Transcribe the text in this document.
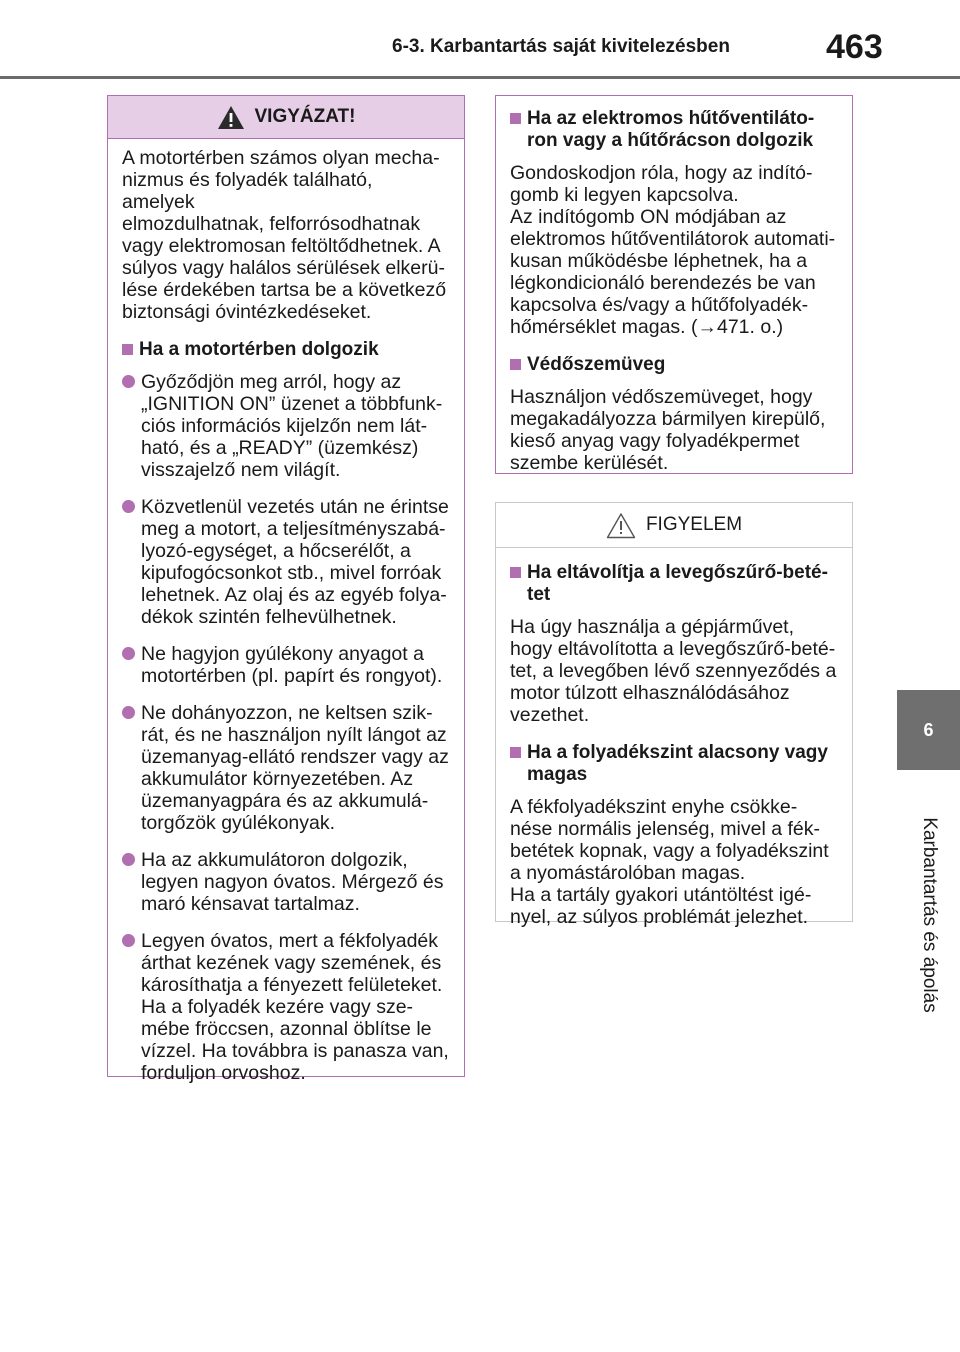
6-3. Karbantartás saját kivitelezésben	463
6
Karbantartás és ápolás
VIGYÁZAT!

A motortérben számos olyan mecha-
nizmus és folyadék található, amelyek
elmozdulhatnak, felforrósodhatnak
vagy elektromosan feltöltődhetnek. A
súlyos vagy halálos sérülések elkerü-
lése érdekében tartsa be a következő
biztonsági óvintézkedéseket.

Ha a motortérben dolgozik
Győződjön meg arról, hogy az
„IGNITION ON” üzenet a többfunk-
ciós információs kijelzőn nem lát-
ható, és a „READY” (üzemkész)
visszajelző nem világít.
Közvetlenül vezetés után ne érintse
meg a motort, a teljesítményszabá-
lyozó-egységet, a hőcserélőt, a
kipufogócsonkot stb., mivel forróak
lehetnek. Az olaj és az egyéb folya-
dékok szintén felhevülhetnek.
Ne hagyjon gyúlékony anyagot a
motortérben (pl. papírt és rongyot).
Ne dohányozzon, ne keltsen szik-
rát, és ne használjon nyílt lángot az
üzemanyag-ellátó rendszer vagy az
akkumulátor környezetében. Az
üzemanyagpára és az akkumulá-
torgőzök gyúlékonyak.
Ha az akkumulátoron dolgozik,
legyen nagyon óvatos. Mérgező és
maró kénsavat tartalmaz.
Legyen óvatos, mert a fékfolyadék
árthat kezének vagy szemének, és
károsíthatja a fényezett felületeket.
Ha a folyadék kezére vagy sze-
mébe fröccsen, azonnal öblítse le
vízzel. Ha továbbra is panasza van,
forduljon orvoshoz.
Ha az elektromos hűtőventiláto-
ron vagy a hűtőrácson dolgozik

Gondoskodjon róla, hogy az indító-
gomb ki legyen kapcsolva.
Az indítógomb ON módjában az
elektromos hűtőventilátorok automati-
kusan működésbe léphetnek, ha a
légkondicionáló berendezés be van
kapcsolva és/vagy a hűtőfolyadék-
hőmérséklet magas. (→471. o.)

Védőszemüveg

Használjon védőszemüveget, hogy
megakadályozza bármilyen kirepülő,
kieső anyag vagy folyadékpermet
szembe kerülését.

FIGYELEM
Ha eltávolítja a levegőszűrő-beté-
tet

Ha úgy használja a gépjárművet,
hogy eltávolította a levegőszűrő-beté-
tet, a levegőben lévő szennyeződés a
motor túlzott elhasználódásához
vezethet.

Ha a folyadékszint alacsony vagy
magas

A fékfolyadékszint enyhe csökke-
nése normális jelenség, mivel a fék-
betétek kopnak, vagy a folyadékszint
a nyomástárolóban magas.
Ha a tartály gyakori utántöltést igé-
nyel, az súlyos problémát jelezhet.
